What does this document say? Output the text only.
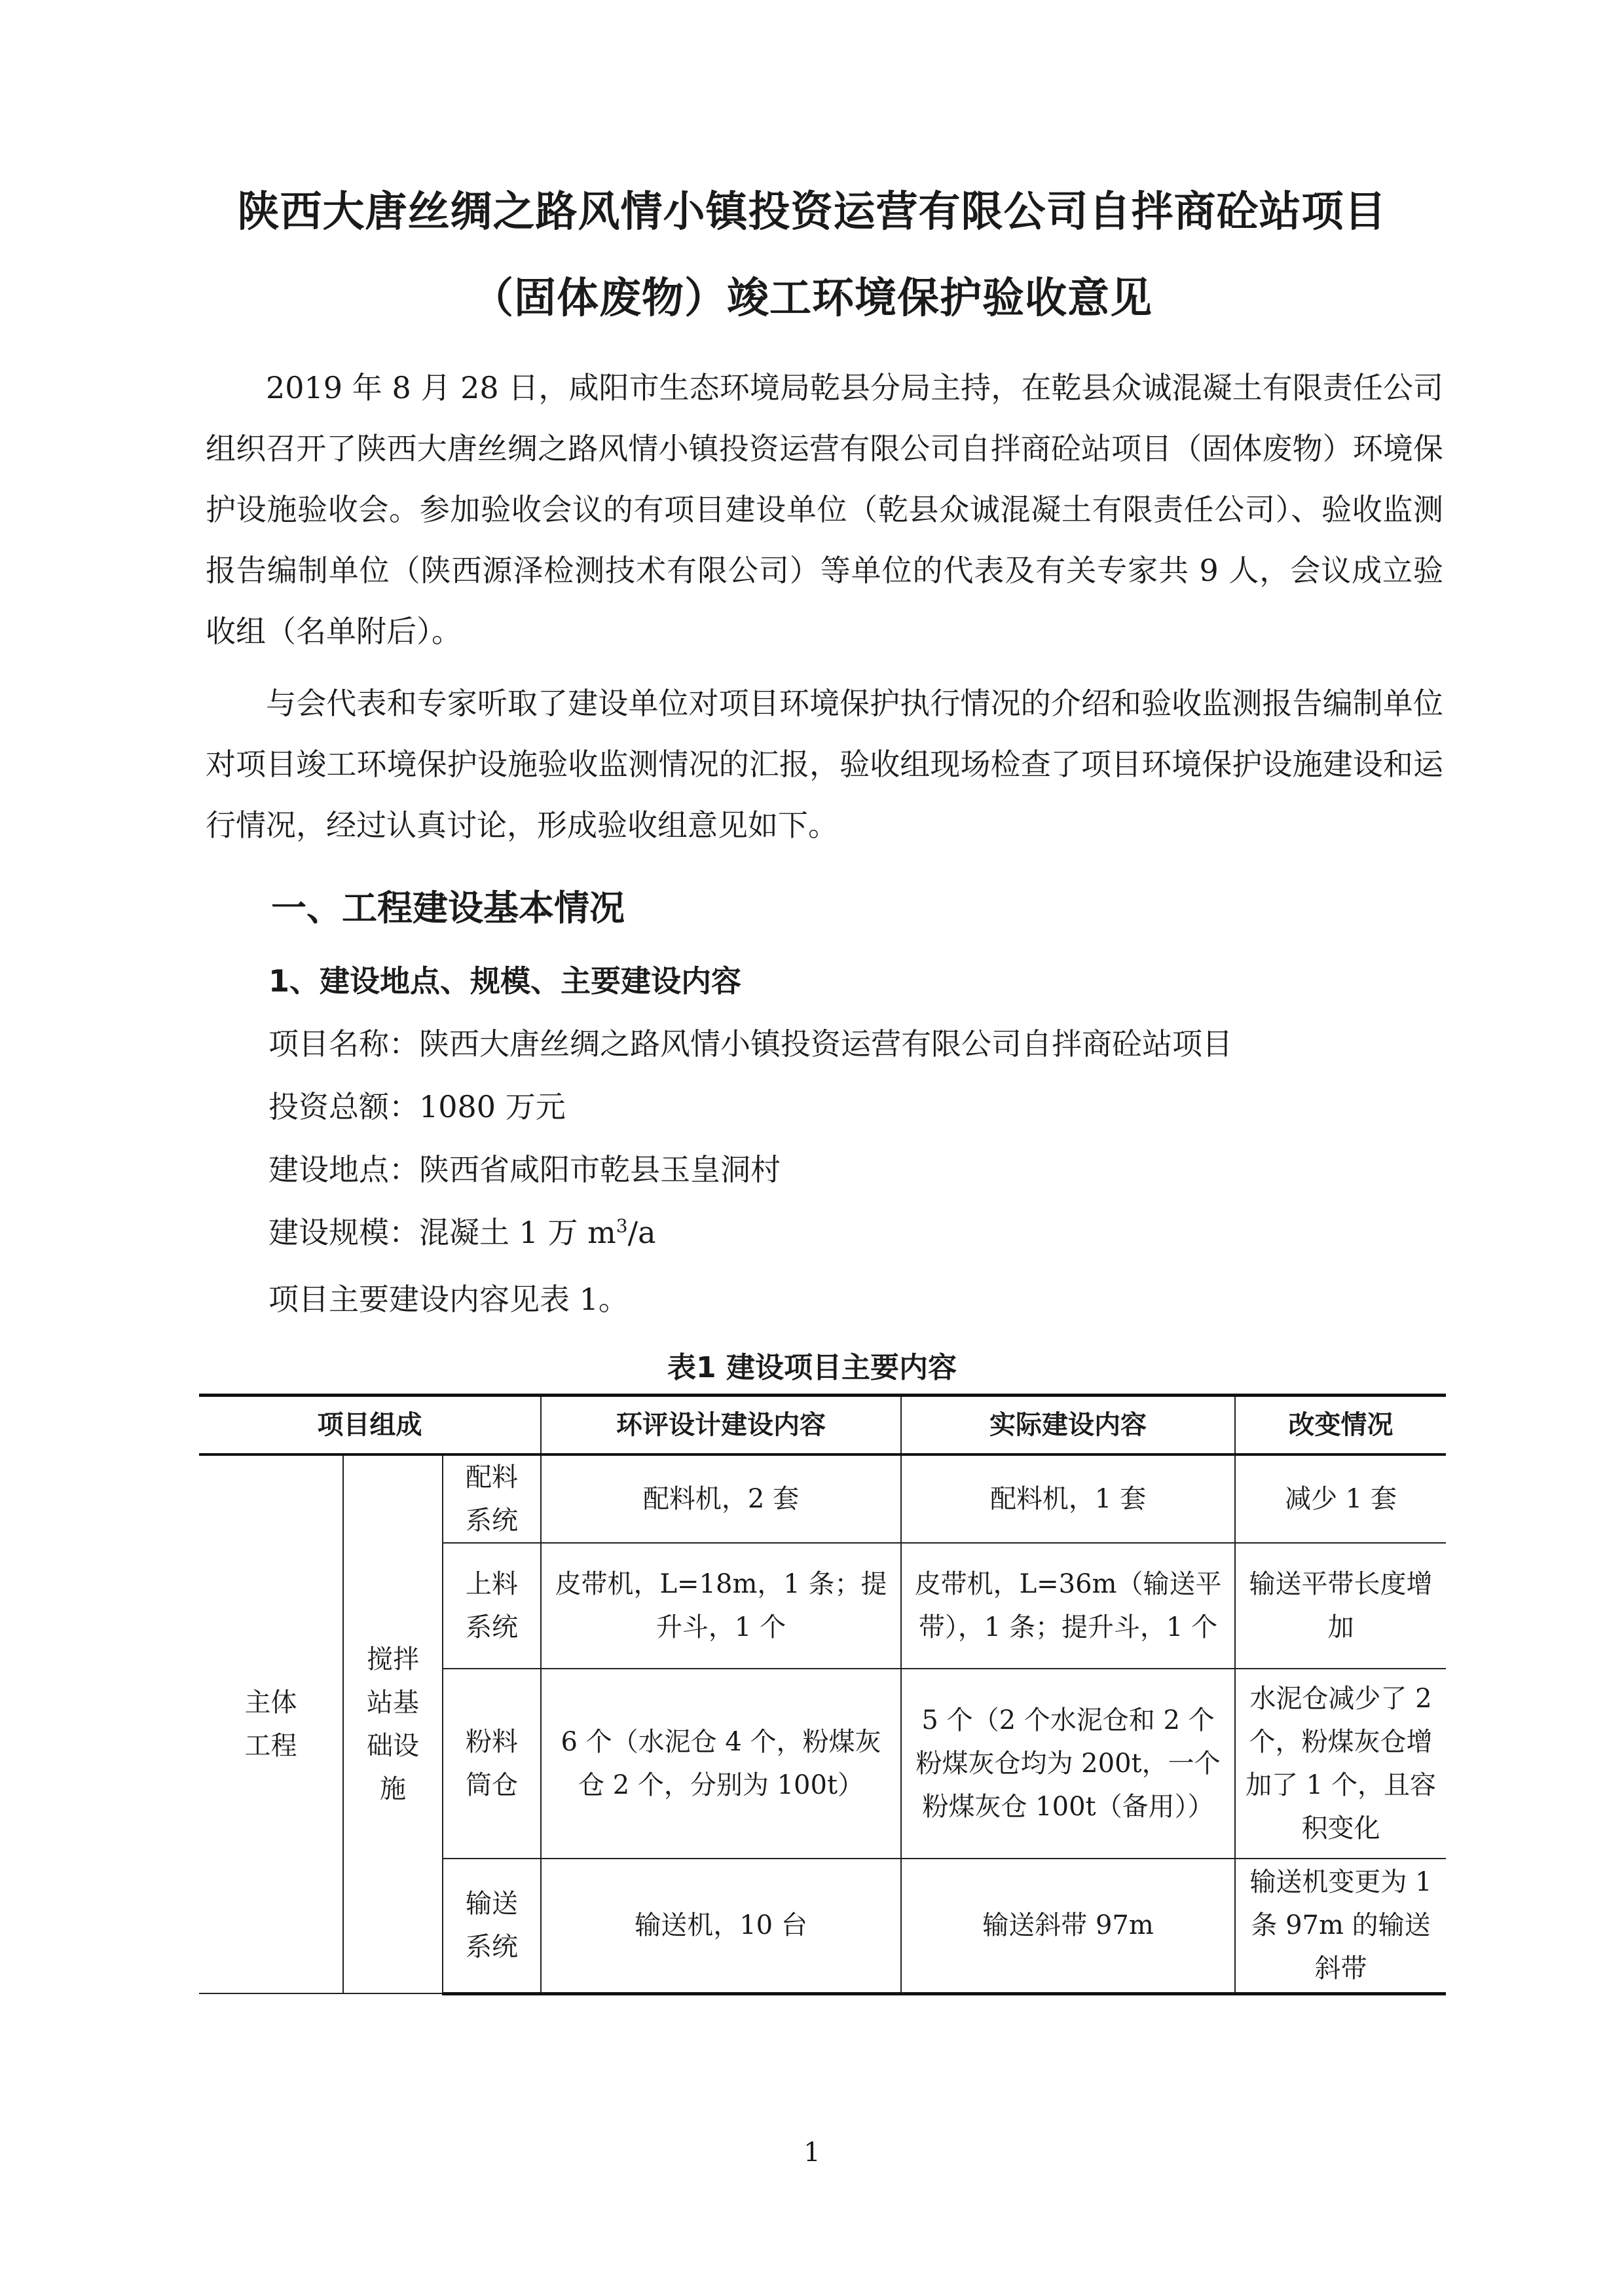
陕西大唐丝绸之路风情小镇投资运营有限公司自拌商砼站项目
（固体废物）竣工环境保护验收意见
2019 年 8 月 28 日，咸阳市生态环境局乾县分局主持，在乾县众诚混凝土有限责任公司组织召开了陕西大唐丝绸之路风情小镇投资运营有限公司自拌商砼站项目（固体废物）环境保护设施验收会。参加验收会议的有项目建设单位（乾县众诚混凝土有限责任公司）、验收监测报告编制单位（陕西源泽检测技术有限公司）等单位的代表及有关专家共 9 人，会议成立验收组（名单附后）。
与会代表和专家听取了建设单位对项目环境保护执行情况的介绍和验收监测报告编制单位对项目竣工环境保护设施验收监测情况的汇报，验收组现场检查了项目环境保护设施建设和运行情况，经过认真讨论，形成验收组意见如下。
一、工程建设基本情况
1、建设地点、规模、主要建设内容
项目名称：陕西大唐丝绸之路风情小镇投资运营有限公司自拌商砼站项目
投资总额：1080 万元
建设地点：陕西省咸阳市乾县玉皇洞村
建设规模：混凝土 1 万 $m^3/a$
项目主要建设内容见表 1。
表1 建设项目主要内容
项目组成			环评设计建设内容	实际建设内容	改变情况

主体工程	搅拌站基础设施	配料系统	配料机，2 套	配料机，1 套	减少 1 套

		上料系统	皮带机，L=18m，1 条；提升斗，1 个	皮带机，L=36m（输送平带），1 条；提升斗，1 个	输送平带长度增加

		粉料筒仓	6 个（水泥仓 4 个，粉煤灰仓 2 个，分别为 100t）	5 个（2 个水泥仓和 2 个粉煤灰仓均为 200t，一个粉煤灰仓 100t（备用））	水泥仓减少了 2 个，粉煤灰仓增加了 1 个，且容积变化

		输送系统	输送机，10 台	输送斜带 97m	输送机变更为 1 条 97m 的输送斜带
1
